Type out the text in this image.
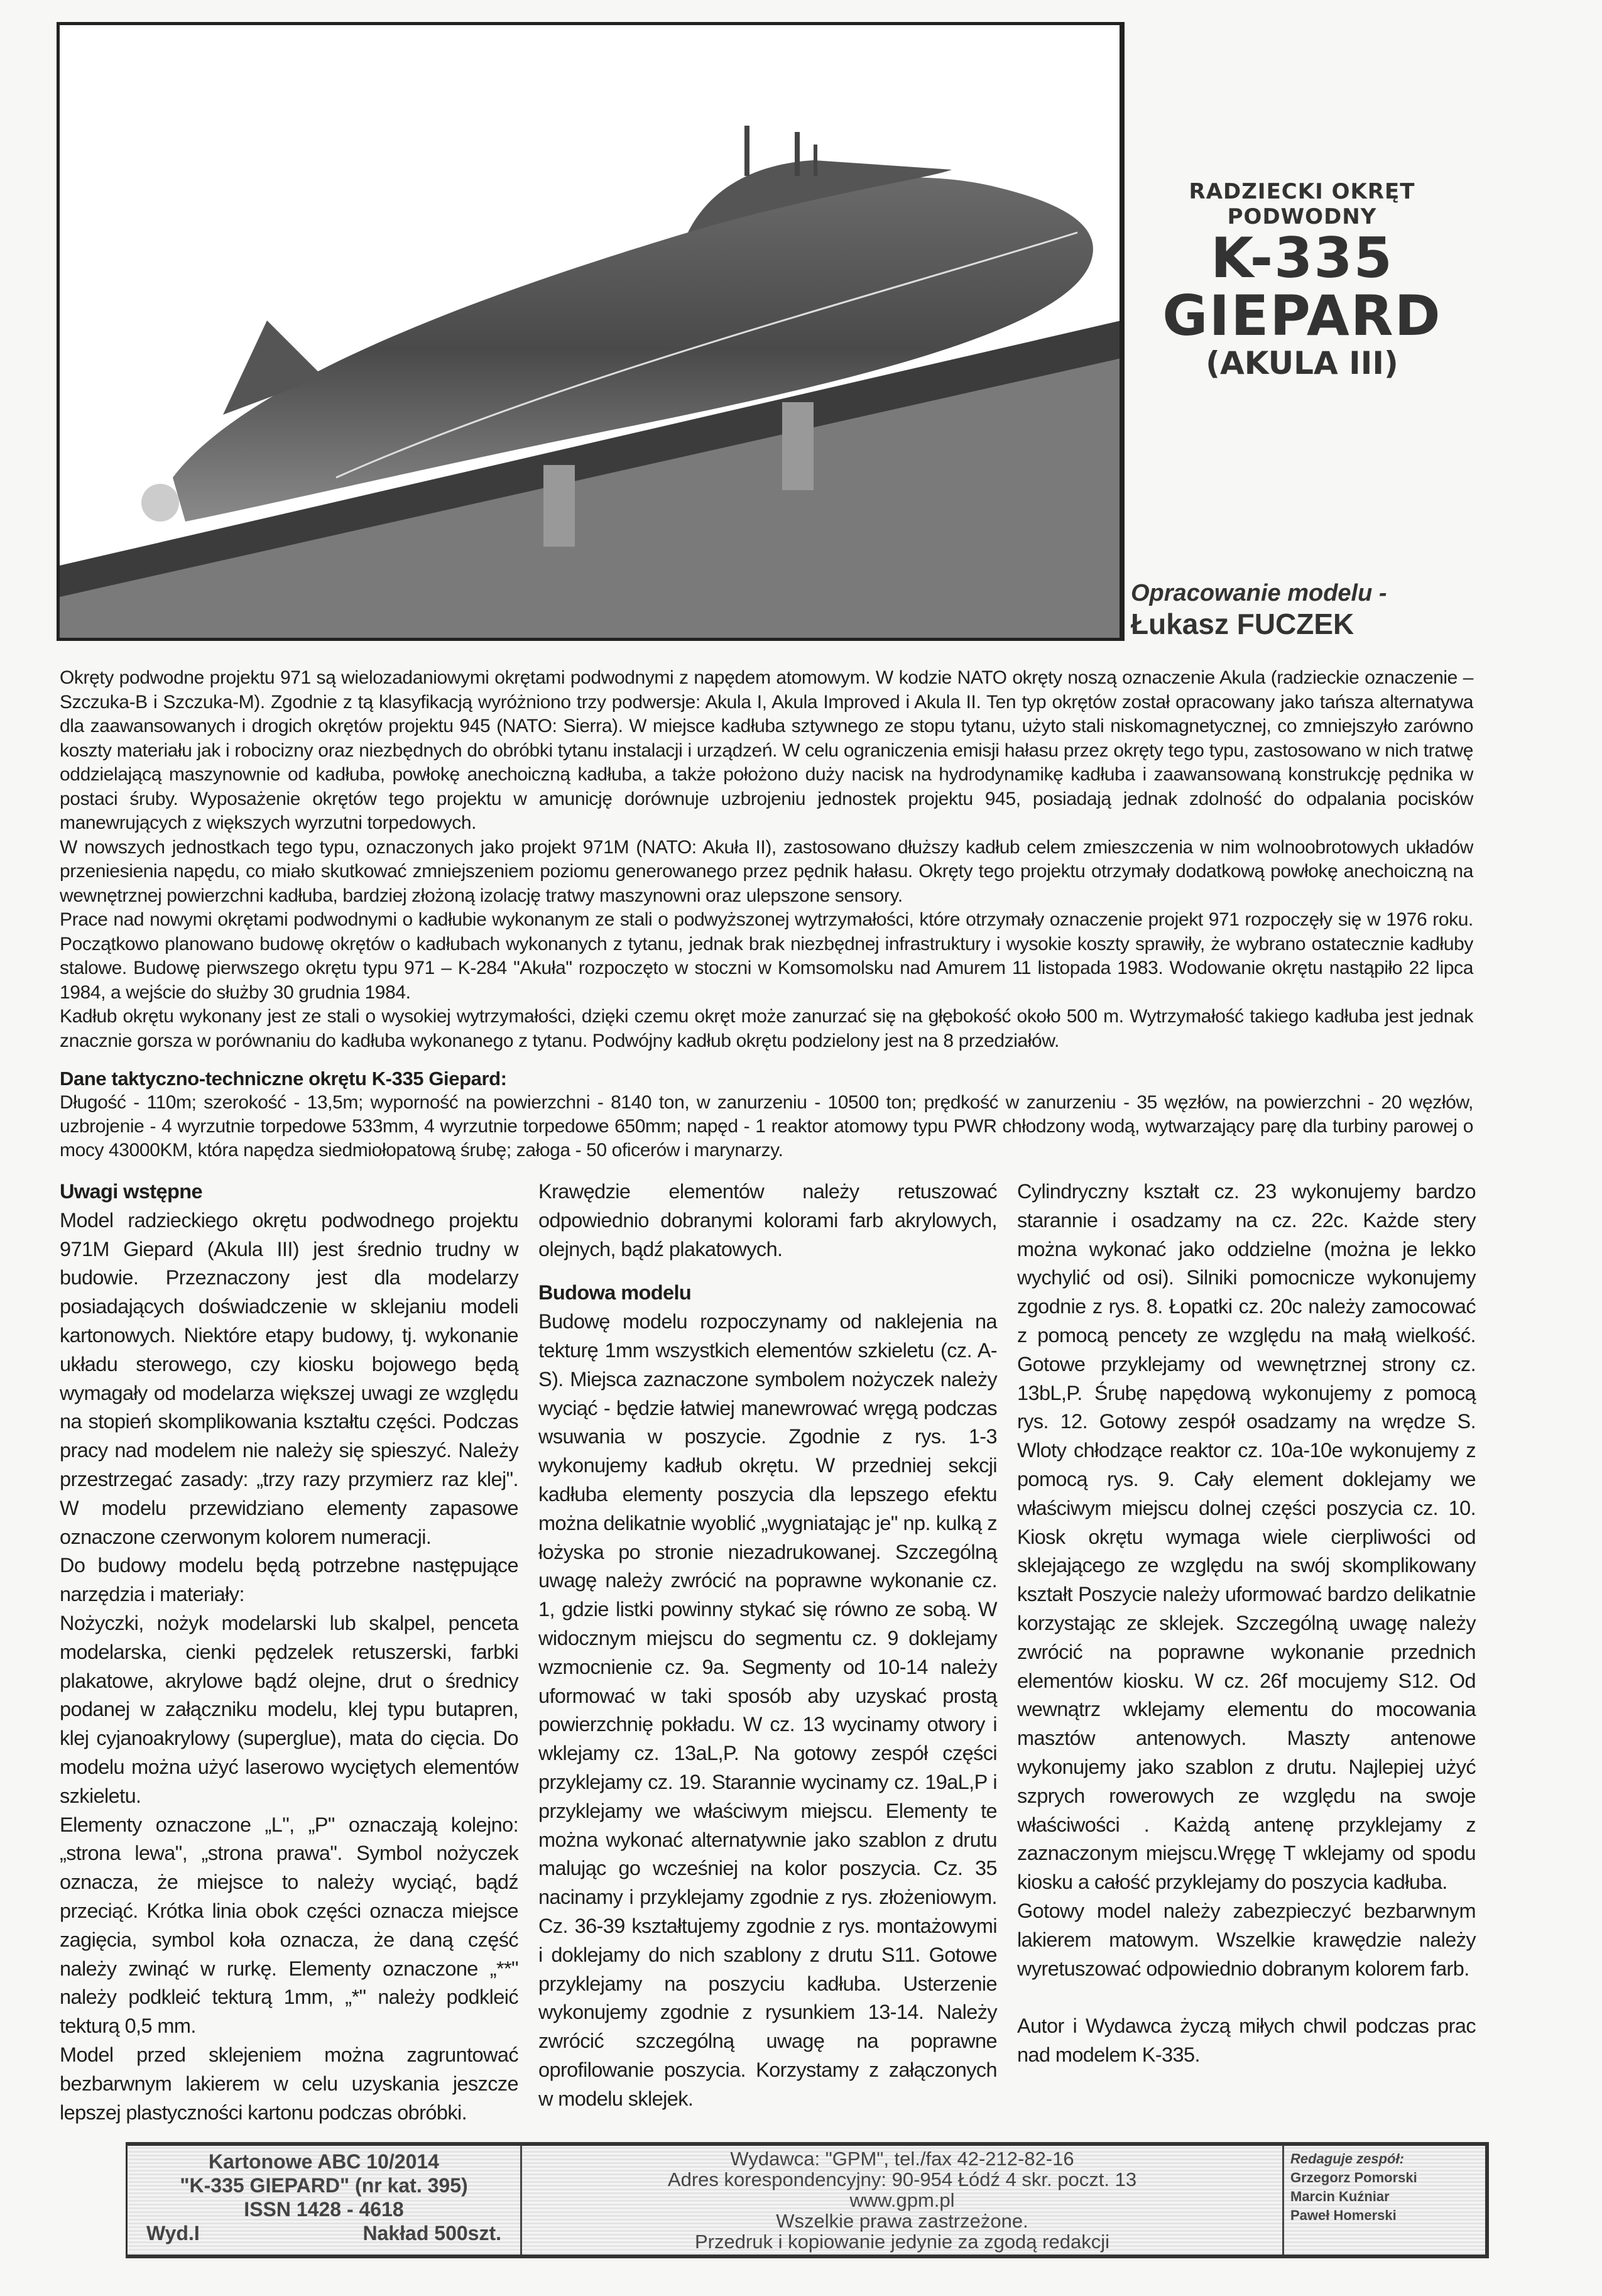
RADZIECKI OKRĘT PODWODNY
K-335
GIEPARD
(AKULA III)
Opracowanie modelu -
Łukasz FUCZEK

Okręty podwodne projektu 971 są wielozadaniowymi okrętami podwodnymi z napędem atomowym. W kodzie NATO okręty noszą oznaczenie Akula (radzieckie oznaczenie – Szczuka-B i Szczuka-M). Zgodnie z tą klasyfikacją wyróżniono trzy podwersje: Akula I, Akula Improved i Akula II. Ten typ okrętów został opracowany jako tańsza alternatywa dla zaawansowanych i drogich okrętów projektu 945 (NATO: Sierra). W miejsce kadłuba sztywnego ze stopu tytanu, użyto stali niskomagnetycznej, co zmniejszyło zarówno koszty materiału jak i robocizny oraz niezbędnych do obróbki tytanu instalacji i urządzeń. W celu ograniczenia emisji hałasu przez okręty tego typu, zastosowano w nich tratwę oddzielającą maszynownie od kadłuba, powłokę anechoiczną kadłuba, a także położono duży nacisk na hydrodynamikę kadłuba i zaawansowaną konstrukcję pędnika w postaci śruby. Wyposażenie okrętów tego projektu w amunicję dorównuje uzbrojeniu jednostek projektu 945, posiadają jednak zdolność do odpalania pocisków manewrujących z większych wyrzutni torpedowych.

W nowszych jednostkach tego typu, oznaczonych jako projekt 971M (NATO: Akuła II), zastosowano dłuższy kadłub celem zmieszczenia w nim wolnoobrotowych układów przeniesienia napędu, co miało skutkować zmniejszeniem poziomu generowanego przez pędnik hałasu. Okręty tego projektu otrzymały dodatkową powłokę anechoiczną na wewnętrznej powierzchni kadłuba, bardziej złożoną izolację tratwy maszynowni oraz ulepszone sensory.

Prace nad nowymi okrętami podwodnymi o kadłubie wykonanym ze stali o podwyższonej wytrzymałości, które otrzymały oznaczenie projekt 971 rozpoczęły się w 1976 roku. Początkowo planowano budowę okrętów o kadłubach wykonanych z tytanu, jednak brak niezbędnej infrastruktury i wysokie koszty sprawiły, że wybrano ostatecznie kadłuby stalowe. Budowę pierwszego okrętu typu 971 – K-284 "Akuła" rozpoczęto w stoczni w Komsomolsku nad Amurem 11 listopada 1983. Wodowanie okrętu nastąpiło 22 lipca 1984, a wejście do służby 30 grudnia 1984.

Kadłub okrętu wykonany jest ze stali o wysokiej wytrzymałości, dzięki czemu okręt może zanurzać się na głębokość około 500 m. Wytrzymałość takiego kadłuba jest jednak znacznie gorsza w porównaniu do kadłuba wykonanego z tytanu. Podwójny kadłub okrętu podzielony jest na 8 przedziałów.

Dane taktyczno-techniczne okrętu K-335 Giepard:

Długość - 110m; szerokość - 13,5m; wyporność na powierzchni - 8140 ton, w zanurzeniu - 10500 ton; prędkość w zanurzeniu - 35 węzłów, na powierzchni - 20 węzłów, uzbrojenie - 4 wyrzutnie torpedowe 533mm, 4 wyrzutnie torpedowe 650mm; napęd - 1 reaktor atomowy typu PWR chłodzony wodą, wytwarzający parę dla turbiny parowej o mocy 43000KM, która napędza siedmiołopatową śrubę; załoga - 50 oficerów i marynarzy.

Uwagi wstępne

Model radzieckiego okrętu podwodnego projektu 971M Giepard (Akula III) jest średnio trudny w budowie. Przeznaczony jest dla modelarzy posiadających doświadczenie w sklejaniu modeli kartonowych. Niektóre etapy budowy, tj. wykonanie układu sterowego, czy kiosku bojowego będą wymagały od modelarza większej uwagi ze względu na stopień skomplikowania kształtu części. Podczas pracy nad modelem nie należy się spieszyć. Należy przestrzegać zasady: „trzy razy przymierz raz klej". W modelu przewidziano elementy zapasowe oznaczone czerwonym kolorem numeracji.

Do budowy modelu będą potrzebne następujące narzędzia i materiały:

Nożyczki, nożyk modelarski lub skalpel, penceta modelarska, cienki pędzelek retuszerski, farbki plakatowe, akrylowe bądź olejne, drut o średnicy podanej w załączniku modelu, klej typu butapren, klej cyjanoakrylowy (superglue), mata do cięcia. Do modelu można użyć laserowo wyciętych elementów szkieletu.

Elementy oznaczone „L", „P" oznaczają kolejno: „strona lewa", „strona prawa". Symbol nożyczek oznacza, że miejsce to należy wyciąć, bądź przeciąć. Krótka linia obok części oznacza miejsce zagięcia, symbol koła oznacza, że daną część należy zwinąć w rurkę. Elementy oznaczone „**" należy podkleić tekturą 1mm, „*" należy podkleić tekturą 0,5 mm.

Model przed sklejeniem można zagruntować bezbarwnym lakierem w celu uzyskania jeszcze lepszej plastyczności kartonu podczas obróbki.

Krawędzie elementów należy retuszować odpowiednio dobranymi kolorami farb akrylowych, olejnych, bądź plakatowych.

Budowa modelu

Budowę modelu rozpoczynamy od naklejenia na tekturę 1mm wszystkich elementów szkieletu (cz. A-S). Miejsca zaznaczone symbolem nożyczek należy wyciąć - będzie łatwiej manewrować wręgą podczas wsuwania w poszycie. Zgodnie z rys. 1-3 wykonujemy kadłub okrętu. W przedniej sekcji kadłuba elementy poszycia dla lepszego efektu można delikatnie wyoblić „wygniatając je" np. kulką z łożyska po stronie niezadrukowanej. Szczególną uwagę należy zwrócić na poprawne wykonanie cz. 1, gdzie listki powinny stykać się równo ze sobą. W widocznym miejscu do segmentu cz. 9 doklejamy wzmocnienie cz. 9a. Segmenty od 10-14 należy uformować w taki sposób aby uzyskać prostą powierzchnię pokładu. W cz. 13 wycinamy otwory i wklejamy cz. 13aL,P. Na gotowy zespół części przyklejamy cz. 19. Starannie wycinamy cz. 19aL,P i przyklejamy we właściwym miejscu. Elementy te można wykonać alternatywnie jako szablon z drutu malując go wcześniej na kolor poszycia. Cz. 35 nacinamy i przyklejamy zgodnie z rys. złożeniowym. Cz. 36-39 kształtujemy zgodnie z rys. montażowymi i doklejamy do nich szablony z drutu S11. Gotowe przyklejamy na poszyciu kadłuba. Usterzenie wykonujemy zgodnie z rysunkiem 13-14. Należy zwrócić szczególną uwagę na poprawne oprofilowanie poszycia. Korzystamy z załączonych w modelu sklejek.

Cylindryczny kształt cz. 23 wykonujemy bardzo starannie i osadzamy na cz. 22c. Każde stery można wykonać jako oddzielne (można je lekko wychylić od osi). Silniki pomocnicze wykonujemy zgodnie z rys. 8. Łopatki cz. 20c należy zamocować z pomocą pencety ze względu na małą wielkość. Gotowe przyklejamy od wewnętrznej strony cz. 13bL,P. Śrubę napędową wykonujemy z pomocą rys. 12. Gotowy zespół osadzamy na wrędze S. Wloty chłodzące reaktor cz. 10a-10e wykonujemy z pomocą rys. 9. Cały element doklejamy we właściwym miejscu dolnej części poszycia cz. 10. Kiosk okrętu wymaga wiele cierpliwości od sklejającego ze względu na swój skomplikowany kształt Poszycie należy uformować bardzo delikatnie korzystając ze sklejek. Szczególną uwagę należy zwrócić na poprawne wykonanie przednich elementów kiosku. W cz. 26f mocujemy S12. Od wewnątrz wklejamy elementu do mocowania masztów antenowych. Maszty antenowe wykonujemy jako szablon z drutu. Najlepiej użyć szprych rowerowych ze względu na swoje właściwości . Każdą antenę przyklejamy z zaznaczonym miejscu.Wręgę T wklejamy od spodu kiosku a całość przyklejamy do poszycia kadłuba.

Gotowy model należy zabezpieczyć bezbarwnym lakierem matowym. Wszelkie krawędzie należy wyretuszować odpowiednio dobranym kolorem farb.

Autor i Wydawca życzą miłych chwil podczas prac nad modelem K-335.

Kartonowe ABC 10/2014
"K-335 GIEPARD" (nr kat. 395)
ISSN 1428 - 4618
Wyd.I	Nakład 500szt.
Wydawca: "GPM", tel./fax 42-212-82-16
Adres korespondencyjny: 90-954 Łódź 4 skr. poczt. 13
www.gpm.pl
Wszelkie prawa zastrzeżone.
Przedruk i kopiowanie jedynie za zgodą redakcji
Redaguje zespół:
Grzegorz Pomorski
Marcin Kuźniar
Paweł Homerski
